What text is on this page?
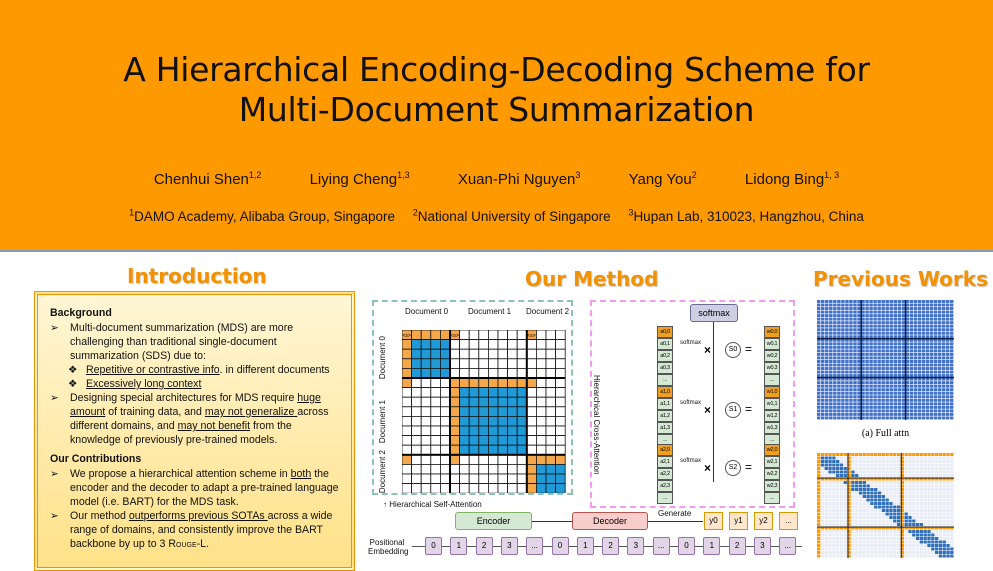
A Hierarchical Encoding-Decoding Scheme for
Multi-Document Summarization
Chenhui Shen$^{1,2}$	Liying Cheng$^{1,3}$	Xuan-Phi Nguyen$^3$	Yang You$^2$	Lidong Bing$^{1, 3}$
$^1$DAMO Academy, Alibaba Group, Singapore $^2$National University of Singapore $^3$Hupan Lab, 310023, Hangzhou, China
Introduction
Background
➢ Multi-document summarization (MDS) are more challenging than traditional single-document summarization (SDS) due to:
❖ Repetitive or contrastive info. in different documents
❖ Excessively long context
➢ Designing special architectures for MDS require huge amount of training data, and may not generalize across different domains, and may not benefit from the knowledge of previously pre-trained models.
Our Contributions
➢ We propose a hierarchical attention scheme in both the encoder and the decoder to adapt a pre-trained language model (i.e. BART) for the MDS task.
➢ Our method outperforms previous SOTAs across a wide range of domains, and consistently improve the BART backbone by up to 3 Rouge-L.
Our Method
Document 0 Document 1 Document 2
Document 0
Document 1
Document 2
<s>	<s>	<s>
↑ Hierarchical Self-Attention
Hierarchical Cross-Attention
softmax
a0,0
a0,1
a0,2
a0,3
...
w0,0
w0,1
w0,2
w0,3
...
softmax ×	S0 =
a1,0
a1,1
a1,2
a1,3
...
w1,0
w1,1
w1,2
w1,3
...
softmax ×	S1 =
a2,0
a2,1
a2,2
a2,3
...
w2,0
w2,1
w2,2
w2,3
...
softmax ×	S2 =
Positional Embedding
Encoder	Decoder
Generate
y0	y1	y2	...
0	1	2	3	...	0	1	2	3	...	0	1	2	3	...
Previous Works
(a) Full attn
